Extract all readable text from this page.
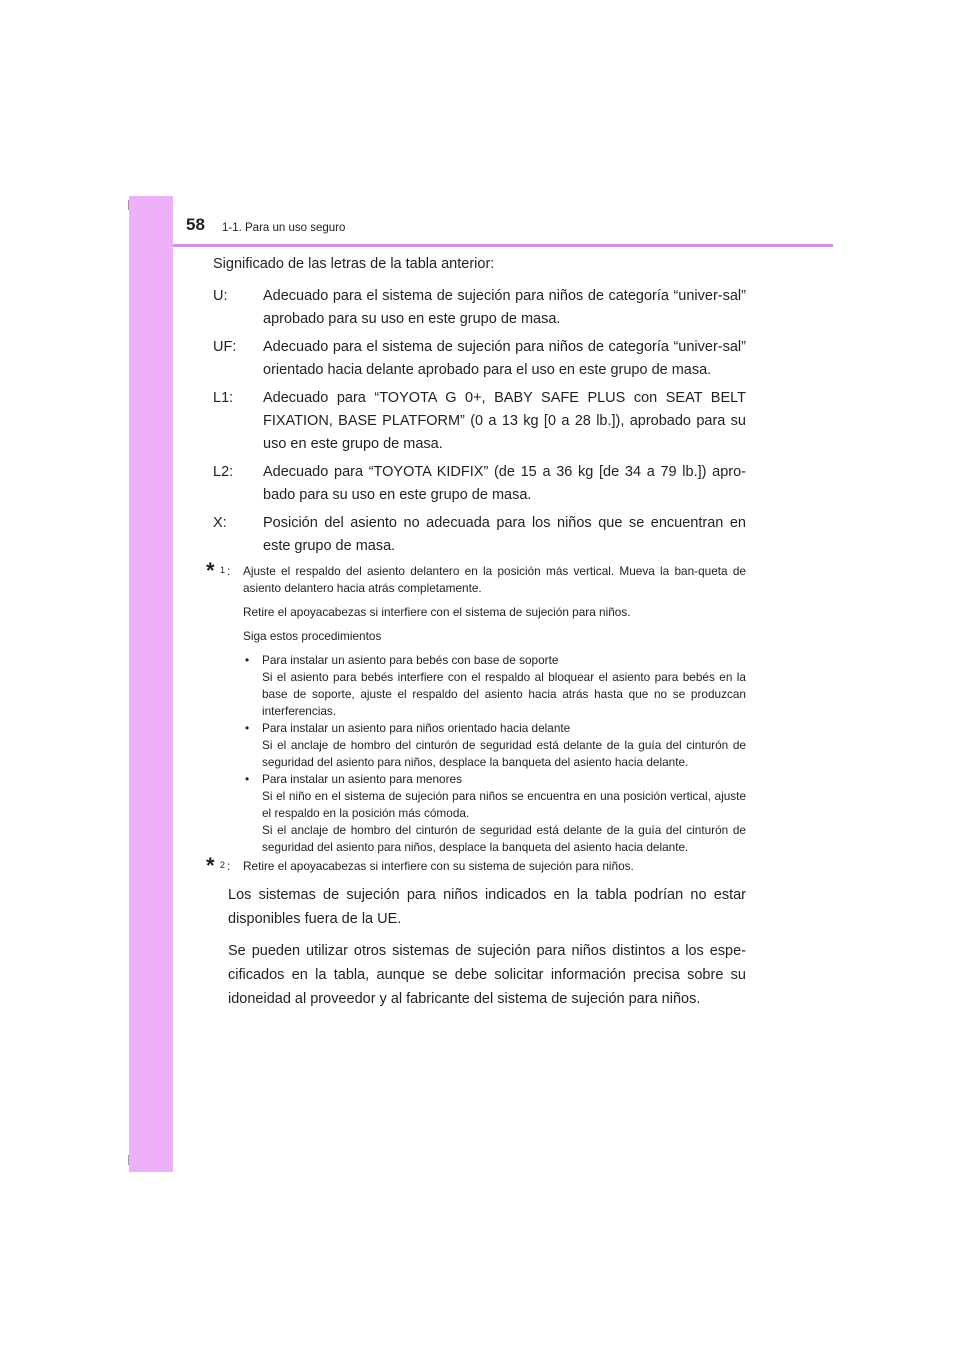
58 1-1. Para un uso seguro

Significado de las letras de la tabla anterior:

U:	Adecuado para el sistema de sujeción para niños de categoría “univer-sal” aprobado para su uso en este grupo de masa.
UF:	Adecuado para el sistema de sujeción para niños de categoría “univer-sal” orientado hacia delante aprobado para el uso en este grupo de masa.
L1:	Adecuado para “TOYOTA G 0+, BABY SAFE PLUS con SEAT BELT FIXATION, BASE PLATFORM” (0 a 13 kg [0 a 28 lb.]), aprobado para su uso en este grupo de masa.
L2:	Adecuado para “TOYOTA KIDFIX” (de 15 a 36 kg [de 34 a 79 lb.]) apro-bado para su uso en este grupo de masa.
X:	Posición del asiento no adecuada para los niños que se encuentran en este grupo de masa.
* 1 : Ajuste el respaldo del asiento delantero en la posición más vertical. Mueva la ban-queta de asiento delantero hacia atrás completamente.

Retire el apoyacabezas si interfiere con el sistema de sujeción para niños.

Siga estos procedimientos

•	Para instalar un asiento para bebés con base de soporte
Si el asiento para bebés interfiere con el respaldo al bloquear el asiento para bebés en la base de soporte, ajuste el respaldo del asiento hacia atrás hasta que no se produzcan interferencias.
•	Para instalar un asiento para niños orientado hacia delante
Si el anclaje de hombro del cinturón de seguridad está delante de la guía del cinturón de seguridad del asiento para niños, desplace la banqueta del asiento hacia delante.
•	Para instalar un asiento para menores
Si el niño en el sistema de sujeción para niños se encuentra en una posición vertical, ajuste el respaldo en la posición más cómoda.
Si el anclaje de hombro del cinturón de seguridad está delante de la guía del cinturón de seguridad del asiento para niños, desplace la banqueta del asiento hacia delante.
* 2 : Retire el apoyacabezas si interfiere con su sistema de sujeción para niños.

Los sistemas de sujeción para niños indicados en la tabla podrían no estar disponibles fuera de la UE.

Se pueden utilizar otros sistemas de sujeción para niños distintos a los espe-cificados en la tabla, aunque se debe solicitar información precisa sobre su idoneidad al proveedor y al fabricante del sistema de sujeción para niños.
